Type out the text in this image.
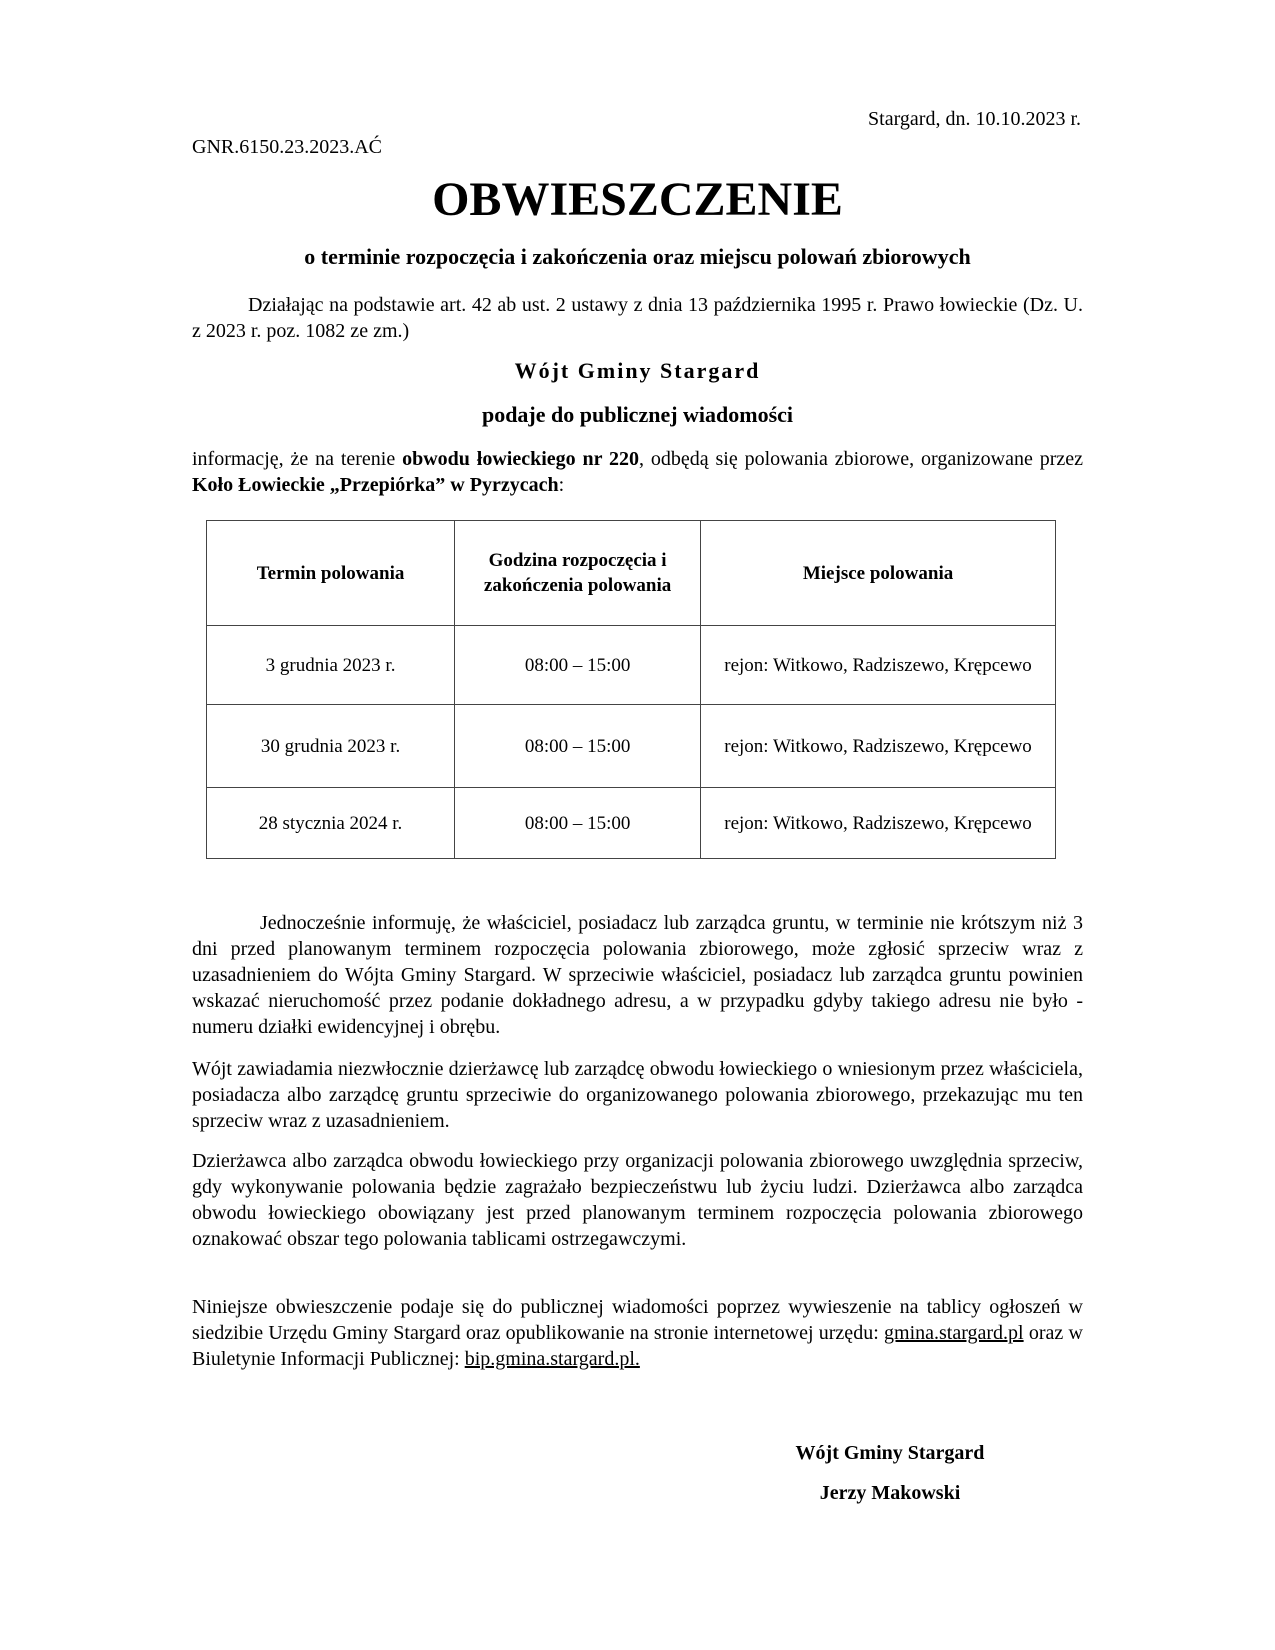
Stargard, dn. 10.10.2023 r.
GNR.6150.23.2023.AĆ
OBWIESZCZENIE
o terminie rozpoczęcia i zakończenia oraz miejscu polowań zbiorowych
Działając na podstawie art. 42 ab ust. 2 ustawy z dnia 13 października 1995 r. Prawo łowieckie (Dz. U. z 2023 r. poz. 1082 ze zm.)
Wójt Gminy Stargard
podaje do publicznej wiadomości
informację, że na terenie obwodu łowieckiego nr 220, odbędą się polowania zbiorowe, organizowane przez Koło Łowieckie „Przepiórka” w Pyrzycach:
Termin polowania	Godzina rozpoczęcia i zakończenia polowania	Miejsce polowania
3 grudnia 2023 r.	08:00 – 15:00	rejon: Witkowo, Radziszewo, Krępcewo
30 grudnia 2023 r.	08:00 – 15:00	rejon: Witkowo, Radziszewo, Krępcewo
28 stycznia 2024 r.	08:00 – 15:00	rejon: Witkowo, Radziszewo, Krępcewo
Jednocześnie informuję, że właściciel, posiadacz lub zarządca gruntu, w terminie nie krótszym niż 3 dni przed planowanym terminem rozpoczęcia polowania zbiorowego, może zgłosić sprzeciw wraz z uzasadnieniem do Wójta Gminy Stargard. W sprzeciwie właściciel, posiadacz lub zarządca gruntu powinien wskazać nieruchomość przez podanie dokładnego adresu, a w przypadku gdyby takiego adresu nie było - numeru działki ewidencyjnej i obrębu.
Wójt zawiadamia niezwłocznie dzierżawcę lub zarządcę obwodu łowieckiego o wniesionym przez właściciela, posiadacza albo zarządcę gruntu sprzeciwie do organizowanego polowania zbiorowego, przekazując mu ten sprzeciw wraz z uzasadnieniem.
Dzierżawca albo zarządca obwodu łowieckiego przy organizacji polowania zbiorowego uwzględnia sprzeciw, gdy wykonywanie polowania będzie zagrażało bezpieczeństwu lub życiu ludzi. Dzierżawca albo zarządca obwodu łowieckiego obowiązany jest przed planowanym terminem rozpoczęcia polowania zbiorowego oznakować obszar tego polowania tablicami ostrzegawczymi.
Niniejsze obwieszczenie podaje się do publicznej wiadomości poprzez wywieszenie na tablicy ogłoszeń w siedzibie Urzędu Gminy Stargard oraz opublikowanie na stronie internetowej urzędu: gmina.stargard.pl oraz w Biuletynie Informacji Publicznej: bip.gmina.stargard.pl.
Wójt Gminy Stargard
Jerzy Makowski
